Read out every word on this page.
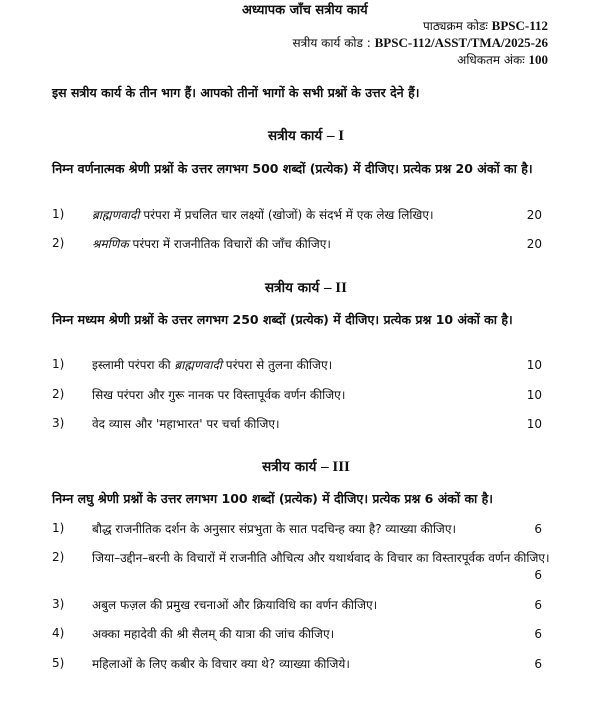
अध्यापक जाँच सत्रीय कार्य
पाठ्यक्रम कोडः BPSC-112
सत्रीय कार्य कोड : BPSC-112/ASST/TMA/2025-26
अधिकतम अंकः 100
इस सत्रीय कार्य के तीन भाग हैं। आपको तीनों भागों के सभी प्रश्नों के उत्तर देने हैं।
सत्रीय कार्य – I
निम्न वर्णनात्मक श्रेणी प्रश्नों के उत्तर लगभग 500 शब्दों (प्रत्येक) में दीजिए। प्रत्येक प्रश्न 20 अंकों का है।
1) ब्राह्मणवादी परंपरा में प्रचलित चार लक्ष्यों (खोजों) के संदर्भ में एक लेख लिखिए।	20
2) श्रमणिक परंपरा में राजनीतिक विचारों की जाँच कीजिए।	20
सत्रीय कार्य – II
निम्न मध्यम श्रेणी प्रश्नों के उत्तर लगभग 250 शब्दों (प्रत्येक) में दीजिए। प्रत्येक प्रश्न 10 अंकों का है।
1) इस्लामी परंपरा की ब्राह्मणवादी परंपरा से तुलना कीजिए।	10
2) सिख परंपरा और गुरू नानक पर विस्तापूर्वक वर्णन कीजिए।	10
3) वेद व्यास और 'महाभारत' पर चर्चा कीजिए।	10
सत्रीय कार्य – III
निम्न लघु श्रेणी प्रश्नों के उत्तर लगभग 100 शब्दों (प्रत्येक) में दीजिए। प्रत्येक प्रश्न 6 अंकों का है।
1) बौद्ध राजनीतिक दर्शन के अनुसार संप्रभुता के सात पदचिन्ह क्या है? व्याख्या कीजिए।	6
2) जिया–उद्दीन–बरनी के विचारों में राजनीति औचित्य और यथार्थवाद के विचार का विस्तारपूर्वक वर्णन कीजिए।
6
3) अबुल फज़ल की प्रमुख रचनाओं और क्रियाविधि का वर्णन कीजिए।	6
4) अक्का महादेवी की श्री सैलम् की यात्रा की जांच कीजिए।	6
5) महिलाओं के लिए कबीर के विचार क्या थे? व्याख्या कीजिये।	6
